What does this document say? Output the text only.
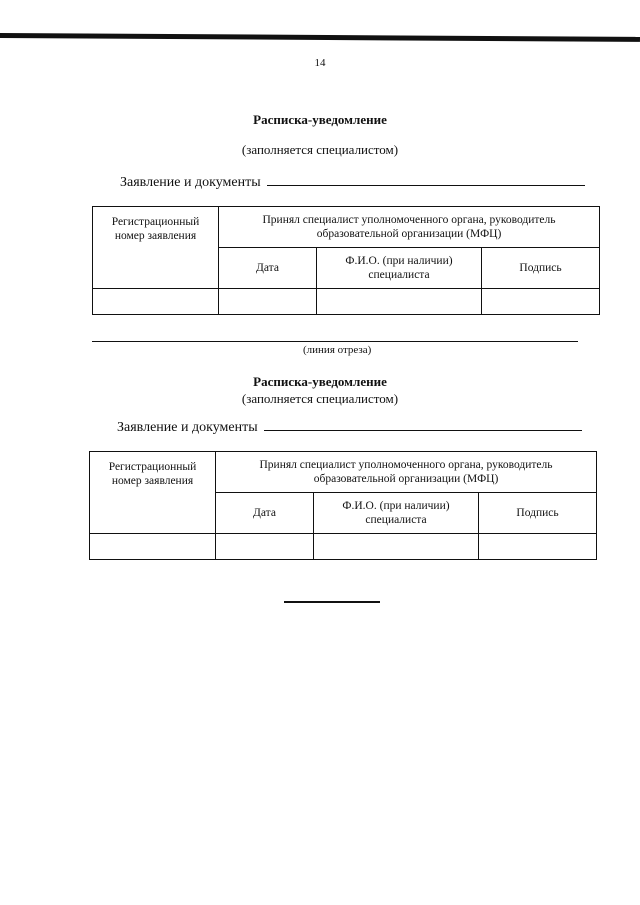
14
Расписка-уведомление
(заполняется специалистом)
Заявление и документы
Регистрационный номер заявления	Принял специалист уполномоченного органа, руководитель образовательной организации (МФЦ)		
	Дата	Ф.И.О. (при наличии) специалиста	Подпись

(линия отреза)
Расписка-уведомление
(заполняется специалистом)
Заявление и документы
Регистрационный номер заявления	Принял специалист уполномоченного органа, руководитель образовательной организации (МФЦ)		
	Дата	Ф.И.О. (при наличии) специалиста	Подпись
